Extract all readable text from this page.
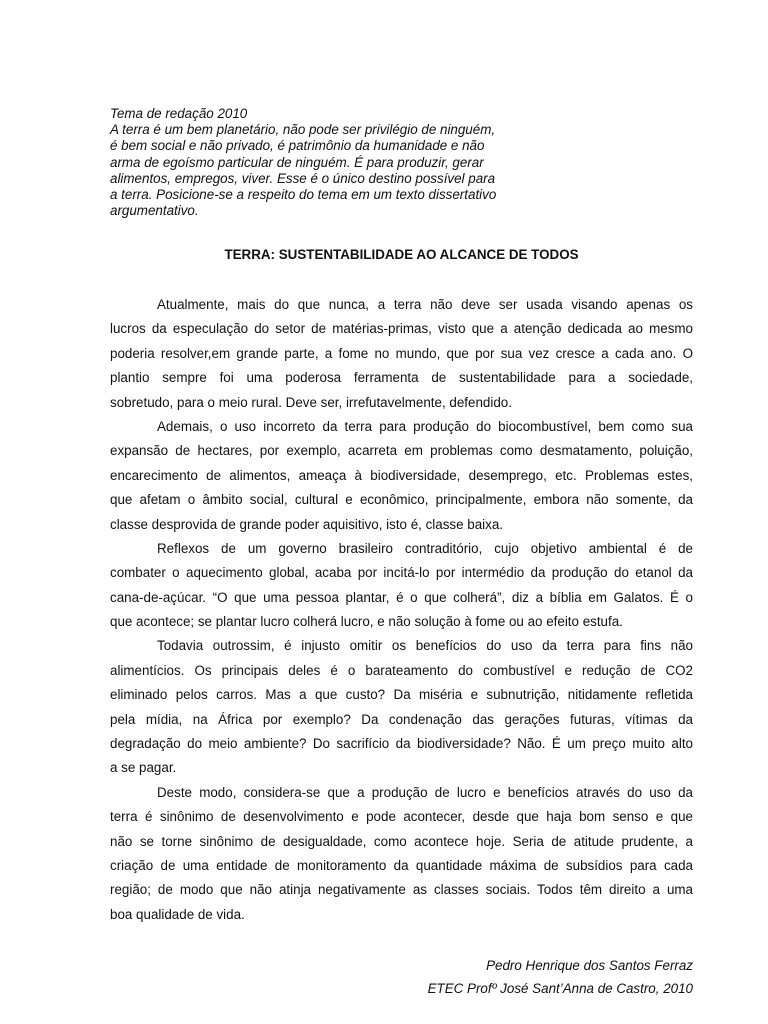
Tema de redação 2010
A terra é um bem planetário, não pode ser privilégio de ninguém,
é bem social e não privado, é patrimônio da humanidade e não
arma de egoísmo particular de ninguém. É para produzir, gerar
alimentos, empregos, viver. Esse é o único destino possível para
a terra. Posicione-se a respeito do tema em um texto dissertativo
argumentativo.
TERRA: SUSTENTABILIDADE AO ALCANCE DE TODOS
Atualmente, mais do que nunca, a terra não deve ser usada visando apenas os
lucros da especulação do setor de matérias-primas, visto que a atenção dedicada ao mesmo
poderia resolver,em grande parte, a fome no mundo, que por sua vez cresce a cada ano. O
plantio sempre foi uma poderosa ferramenta de sustentabilidade para a sociedade,
sobretudo, para o meio rural. Deve ser, irrefutavelmente, defendido.
Ademais, o uso incorreto da terra para produção do biocombustível, bem como sua
expansão de hectares, por exemplo, acarreta em problemas como desmatamento, poluição,
encarecimento de alimentos, ameaça à biodiversidade, desemprego, etc. Problemas estes,
que afetam o âmbito social, cultural e econômico, principalmente, embora não somente, da
classe desprovida de grande poder aquisitivo, isto é, classe baixa.
Reflexos de um governo brasileiro contraditório, cujo objetivo ambiental é de
combater o aquecimento global, acaba por incitá-lo por intermédio da produção do etanol da
cana-de-açúcar. “O que uma pessoa plantar, é o que colherá”, diz a bíblia em Galatos. É o
que acontece; se plantar lucro colherá lucro, e não solução à fome ou ao efeito estufa.
Todavia outrossim, é injusto omitir os benefícios do uso da terra para fins não
alimentícios. Os principais deles é o barateamento do combustível e redução de CO2
eliminado pelos carros. Mas a que custo? Da miséria e subnutrição, nitidamente refletida
pela mídia, na África por exemplo? Da condenação das gerações futuras, vítimas da
degradação do meio ambiente? Do sacrifício da biodiversidade? Não. É um preço muito alto
a se pagar.
Deste modo, considera-se que a produção de lucro e benefícios através do uso da
terra é sinônimo de desenvolvimento e pode acontecer, desde que haja bom senso e que
não se torne sinônimo de desigualdade, como acontece hoje. Seria de atitude prudente, a
criação de uma entidade de monitoramento da quantidade máxima de subsídios para cada
região; de modo que não atinja negativamente as classes sociais. Todos têm direito a uma
boa qualidade de vida.
Pedro Henrique dos Santos Ferraz
ETEC Profº José Sant’Anna de Castro, 2010
